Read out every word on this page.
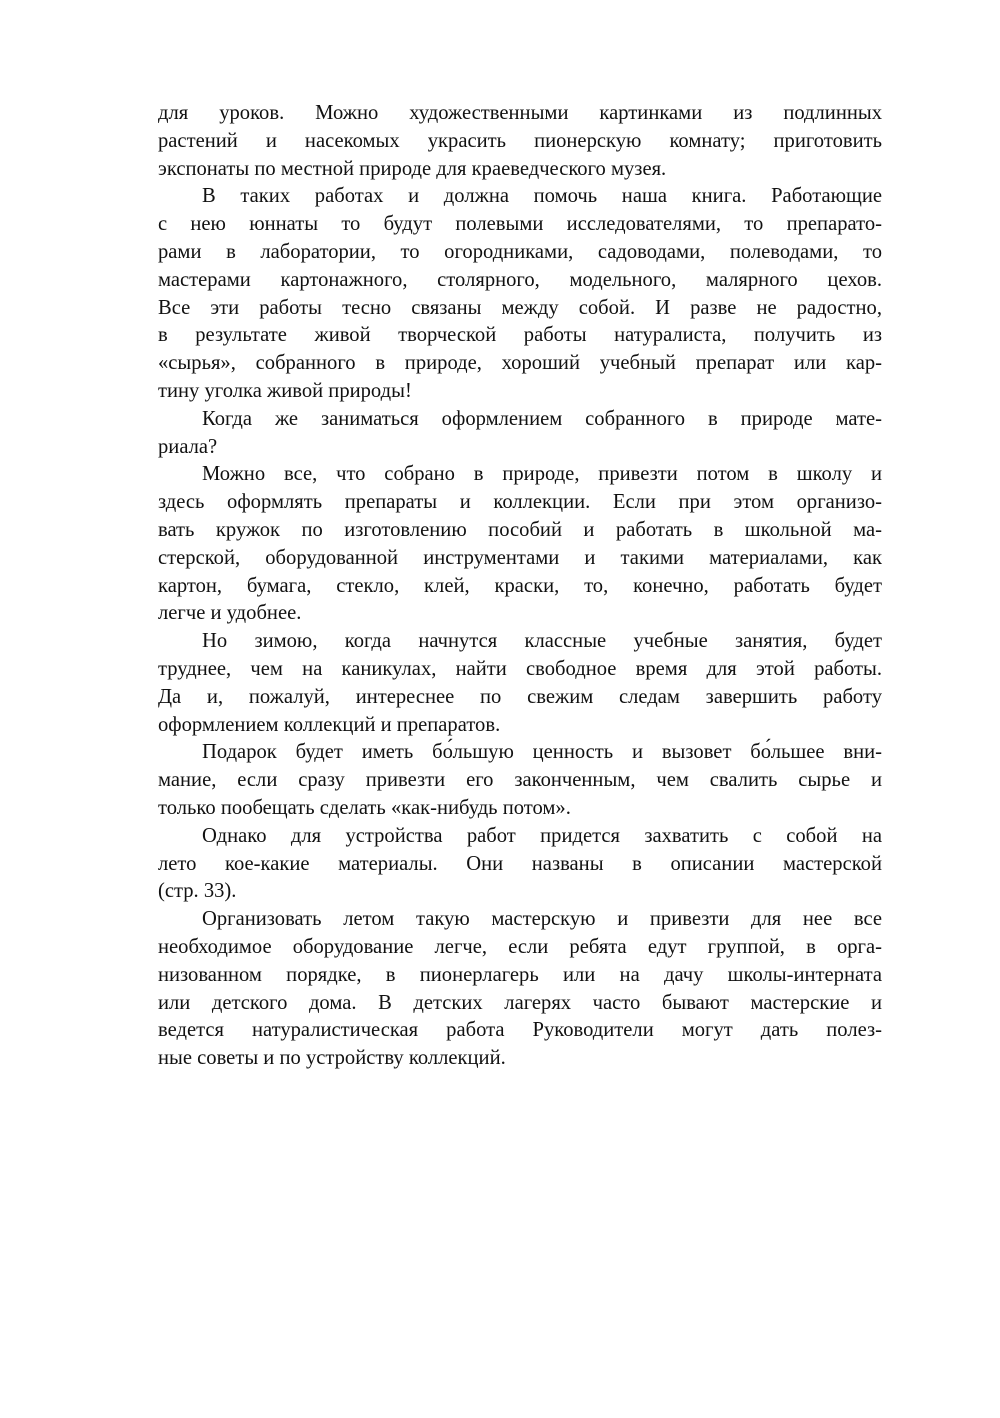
для уроков. Можно художественными картинками из подлинных
растений и насекомых украсить пионерскую комнату; приготовить
экспонаты по местной природе для краеведческого музея.
В таких работах и должна помочь наша книга. Работающие
с нею юннаты то будут полевыми исследователями, то препарато-
рами в лаборатории, то огородниками, садоводами, полеводами, то
мастерами картонажного, столярного, модельного, малярного цехов.
Все эти работы тесно связаны между собой. И разве не радостно,
в результате живой творческой работы натуралиста, получить из
«сырья», собранного в природе, хороший учебный препарат или кар-
тину уголка живой природы!
Когда же заниматься оформлением собранного в природе мате-
риала?
Можно все, что собрано в природе, привезти потом в школу и
здесь оформлять препараты и коллекции. Если при этом организо-
вать кружок по изготовлению пособий и работать в школьной ма-
стерской, оборудованной инструментами и такими материалами, как
картон, бумага, стекло, клей, краски, то, конечно, работать будет
легче и удобнее.
Но зимою, когда начнутся классные учебные занятия, будет
труднее, чем на каникулах, найти свободное время для этой работы.
Да и, пожалуй, интереснее по свежим следам завершить работу
оформлением коллекций и препаратов.
Подарок будет иметь бо́льшую ценность и вызовет бо́льшее вни-
мание, если сразу привезти его законченным, чем свалить сырье и
только пообещать сделать «как-нибудь потом».
Однако для устройства работ придется захватить с собой на
лето кое-какие материалы. Они названы в описании мастерской
(стр. 33).
Организовать летом такую мастерскую и привезти для нее все
необходимое оборудование легче, если ребята едут группой, в орга-
низованном порядке, в пионерлагерь или на дачу школы-интерната
или детского дома. В детских лагерях часто бывают мастерские и
ведется натуралистическая работа Руководители могут дать полез-
ные советы и по устройству коллекций.
